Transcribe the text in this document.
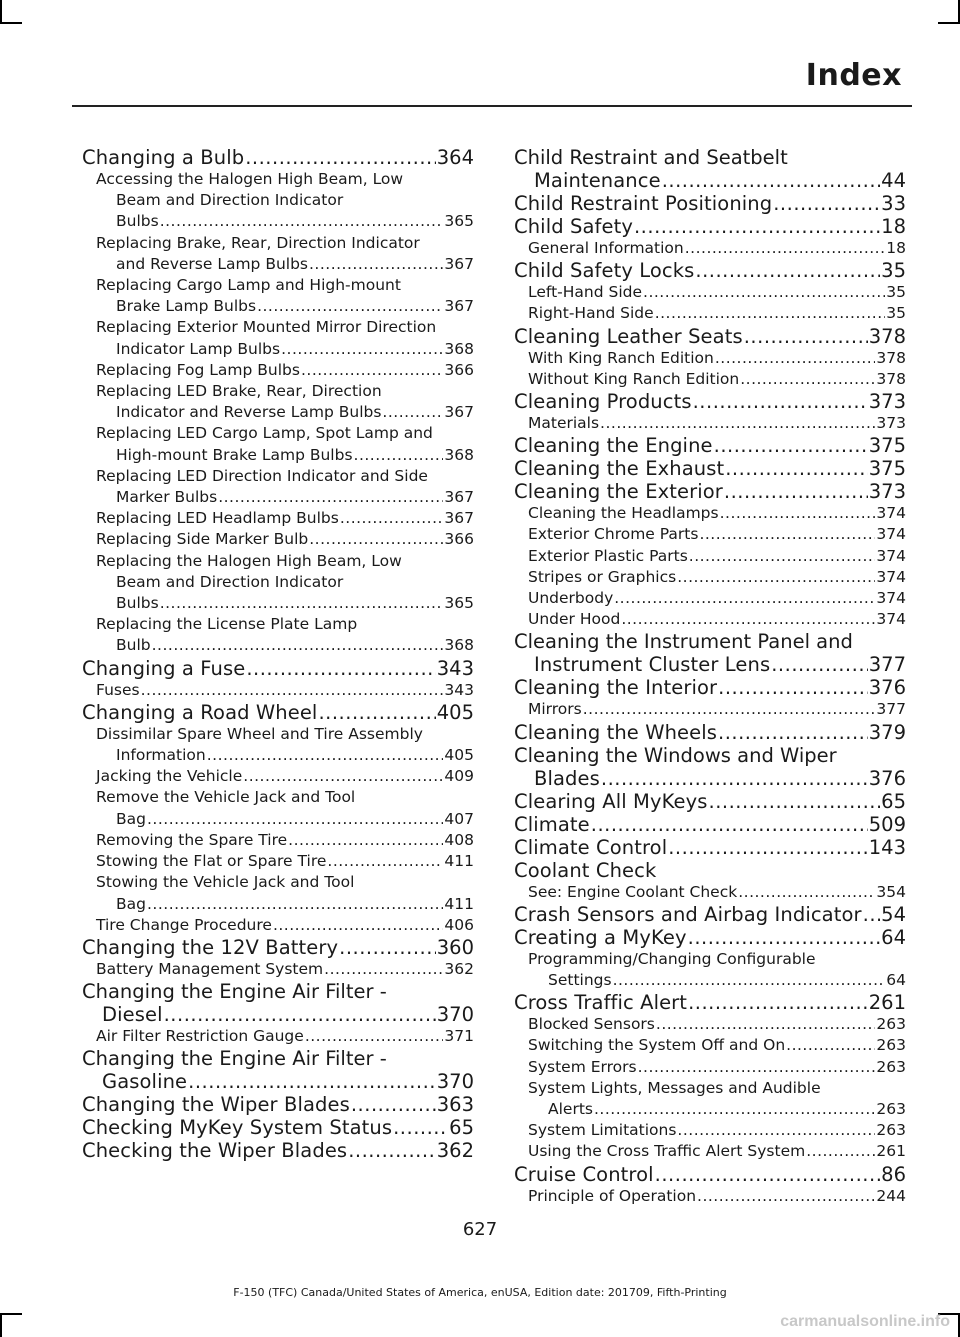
Index
Changing a Bulb .....	364
Accessing the Halogen High Beam, Low
Beam and Direction Indicator
Bulbs .....	365
Replacing Brake, Rear, Direction Indicator
and Reverse Lamp Bulbs .....	367
Replacing Cargo Lamp and High-mount
Brake Lamp Bulbs .....	367
Replacing Exterior Mounted Mirror Direction
Indicator Lamp Bulbs .....	368
Replacing Fog Lamp Bulbs .....	366
Replacing LED Brake, Rear, Direction
Indicator and Reverse Lamp Bulbs .....	367
Replacing LED Cargo Lamp, Spot Lamp and
High-mount Brake Lamp Bulbs .....	368
Replacing LED Direction Indicator and Side
Marker Bulbs .....	367
Replacing LED Headlamp Bulbs .....	367
Replacing Side Marker Bulb .....	366
Replacing the Halogen High Beam, Low
Beam and Direction Indicator
Bulbs .....	365
Replacing the License Plate Lamp
Bulb .....	368
Changing a Fuse .....	343
Fuses .....	343
Changing a Road Wheel .....	405
Dissimilar Spare Wheel and Tire Assembly
Information .....	405
Jacking the Vehicle .....	409
Remove the Vehicle Jack and Tool
Bag .....	407
Removing the Spare Tire .....	408
Stowing the Flat or Spare Tire .....	411
Stowing the Vehicle Jack and Tool
Bag .....	411
Tire Change Procedure .....	406
Changing the 12V Battery .....	360
Battery Management System .....	362
Changing the Engine Air Filter -
Diesel .....	370
Air Filter Restriction Gauge .....	371
Changing the Engine Air Filter -
Gasoline .....	370
Changing the Wiper Blades .....	363
Checking MyKey System Status .....	65
Checking the Wiper Blades .....	362
Child Restraint and Seatbelt
Maintenance .....	44
Child Restraint Positioning .....	33
Child Safety .....	18
General Information .....	18
Child Safety Locks .....	35
Left-Hand Side .....	35
Right-Hand Side .....	35
Cleaning Leather Seats .....	378
With King Ranch Edition .....	378
Without King Ranch Edition .....	378
Cleaning Products .....	373
Materials .....	373
Cleaning the Engine .....	375
Cleaning the Exhaust .....	375
Cleaning the Exterior .....	373
Cleaning the Headlamps .....	374
Exterior Chrome Parts .....	374
Exterior Plastic Parts .....	374
Stripes or Graphics .....	374
Underbody .....	374
Under Hood .....	374
Cleaning the Instrument Panel and
Instrument Cluster Lens .....	377
Cleaning the Interior .....	376
Mirrors .....	377
Cleaning the Wheels .....	379
Cleaning the Windows and Wiper
Blades .....	376
Clearing All MyKeys .....	65
Climate .....	509
Climate Control .....	143
Coolant Check
See: Engine Coolant Check .....	354
Crash Sensors and Airbag Indicator ..... 54
Creating a MyKey .....	64
Programming/Changing Configurable
Settings .....	64
Cross Traffic Alert .....	261
Blocked Sensors .....	263
Switching the System Off and On .....	263
System Errors .....	263
System Lights, Messages and Audible
Alerts .....	263
System Limitations .....	263
Using the Cross Traffic Alert System .....	261
Cruise Control .....	86
Principle of Operation .....	244
627
F-150 (TFC) Canada/United States of America, enUSA, Edition date: 201709, Fifth-Printing
carmanualsonline.info
